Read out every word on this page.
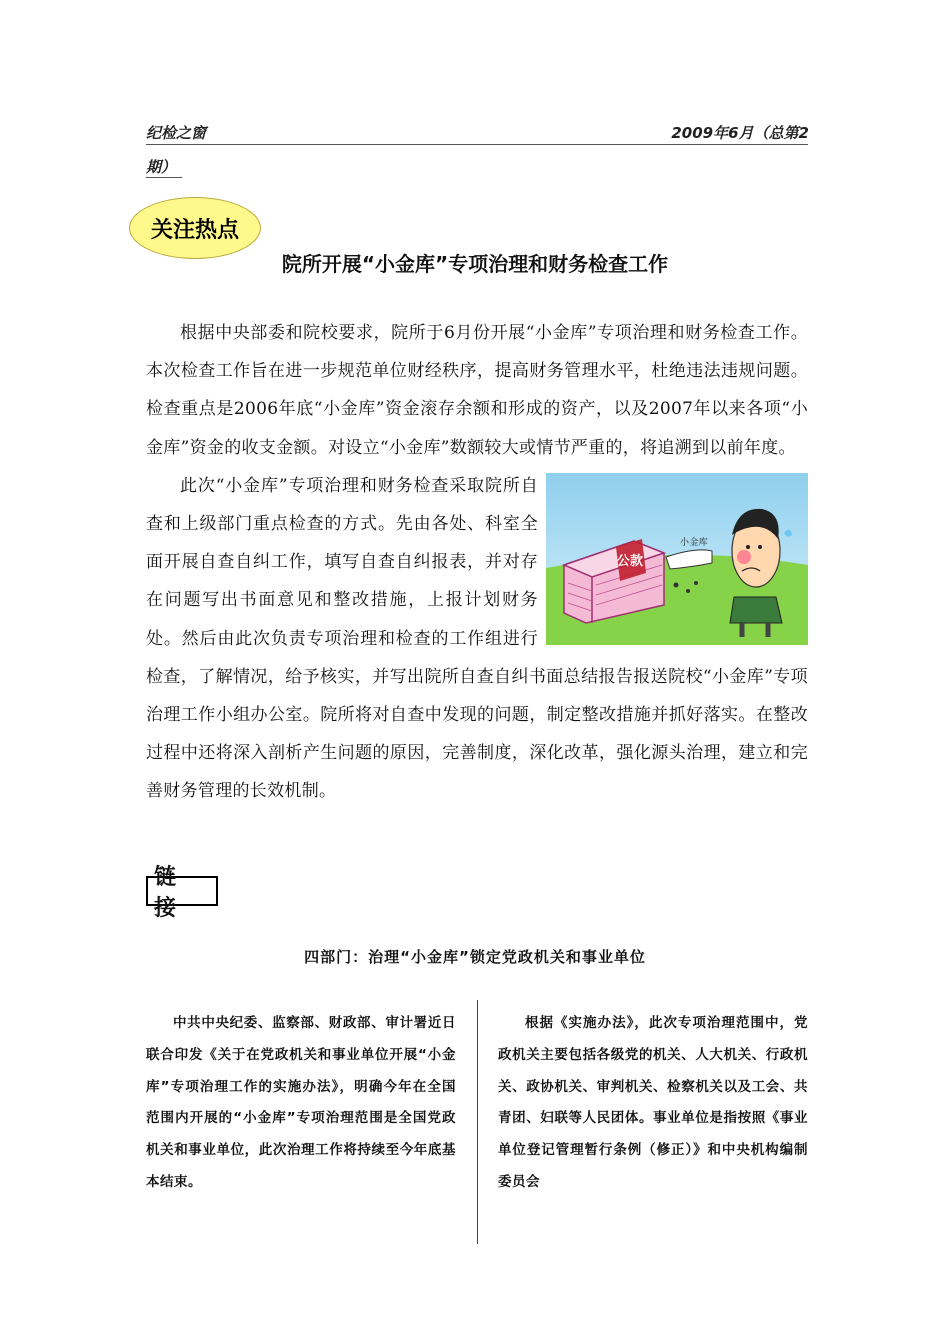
纪检之窗	2009年6月（总第2
期）
关注热点
院所开展“小金库”专项治理和财务检查工作

根据中央部委和院校要求，院所于6月份开展“小金库”专项治理和财务检查工作。本次检查工作旨在进一步规范单位财经秩序，提高财务管理水平，杜绝违法违规问题。检查重点是2006年底“小金库”资金滚存余额和形成的资产，以及2007年以来各项“小金库”资金的收支金额。对设立“小金库”数额较大或情节严重的，将追溯到以前年度。

公款
小金库

此次“小金库”专项治理和财务检查采取院所自查和上级部门重点检查的方式。先由各处、科室全面开展自查自纠工作，填写自查自纠报表，并对存在问题写出书面意见和整改措施，上报计划财务处。然后由此次负责专项治理和检查的工作组进行检查，了解情况，给予核实，并写出院所自查自纠书面总结报告报送院校“小金库”专项治理工作小组办公室。院所将对自查中发现的问题，制定整改措施并抓好落实。在整改过程中还将深入剖析产生问题的原因，完善制度，深化改革，强化源头治理，建立和完善财务管理的长效机制。

链接
四部门：治理“小金库”锁定党政机关和事业单位

中共中央纪委、监察部、财政部、审计署近日联合印发《关于在党政机关和事业单位开展“小金库”专项治理工作的实施办法》，明确今年在全国范围内开展的“小金库”专项治理范围是全国党政机关和事业单位，此次治理工作将持续至今年底基本结束。

根据《实施办法》，此次专项治理范围中，党政机关主要包括各级党的机关、人大机关、行政机关、政协机关、审判机关、检察机关以及工会、共青团、妇联等人民团体。事业单位是指按照《事业单位登记管理暂行条例（修正）》和中央机构编制委员会
